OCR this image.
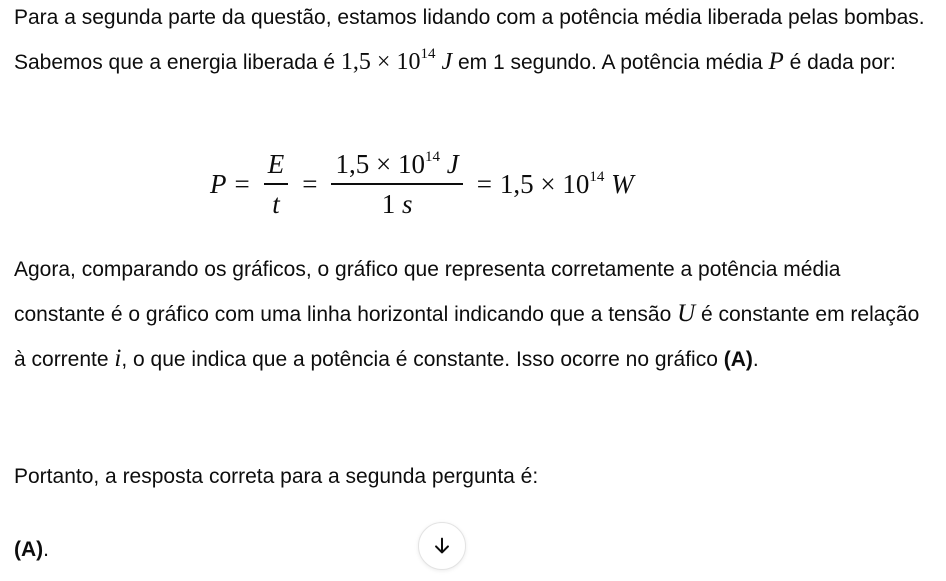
Para a segunda parte da questão, estamos lidando com a potência média liberada pelas bombas. Sabemos que a energia liberada é $1,5 \times 10^{14}$ J em 1 segundo. A potência média P é dada por:

$P = \frac{E}{t} = \frac{1,5 \times 10^{14} J}{1 s} = 1,5 \times 10^{14}$ W

Agora, comparando os gráficos, o gráfico que representa corretamente a potência média constante é o gráfico com uma linha horizontal indicando que a tensão U é constante em relação à corrente i, o que indica que a potência é constante. Isso ocorre no gráfico (A).

Portanto, a resposta correta para a segunda pergunta é:

(A).
